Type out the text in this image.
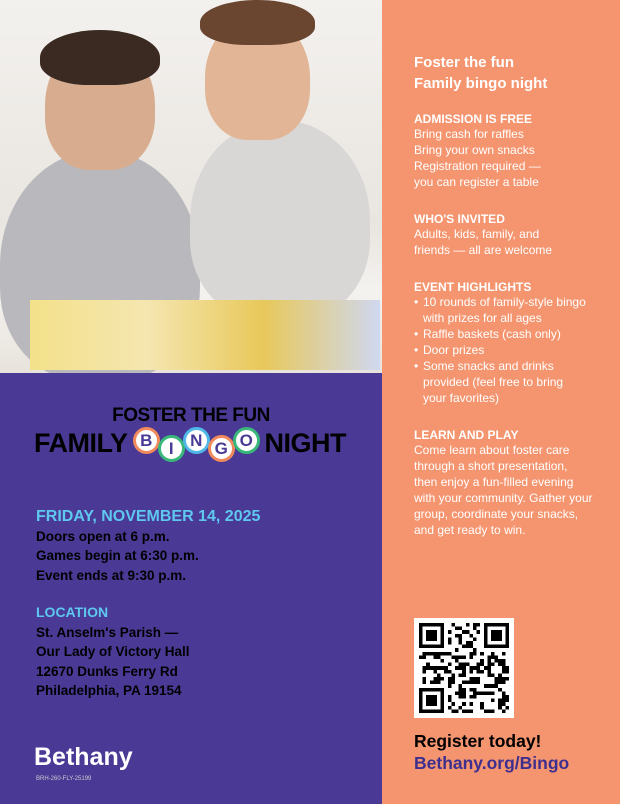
FOSTER THE FUN
FAMILY B I	N G O NIGHT
FRIDAY, NOVEMBER 14, 2025
Doors open at 6 p.m.
Games begin at 6:30 p.m.
Event ends at 9:30 p.m.
LOCATION
St. Anselm's Parish —
Our Lady of Victory Hall
12670 Dunks Ferry Rd
Philadelphia, PA 19154
Bethany
BRH-260-FLY-25199
Foster the fun
Family bingo night
ADMISSION IS FREE

Bring cash for raffles

Bring your own snacks

Registration required —

you can register a table

WHO'S INVITED

Adults, kids, family, and

friends — all are welcome

EVENT HIGHLIGHTS
• 10 rounds of family-style bingo with prizes for all ages
• Raffle baskets (cash only)
• Door prizes
• Some snacks and drinks provided (feel free to bring your favorites)
LEARN AND PLAY

Come learn about foster care through a short presentation, then enjoy a fun-filled evening with your community. Gather your group, coordinate your snacks, and get ready to win.

Register today!
Bethany.org/Bingo
